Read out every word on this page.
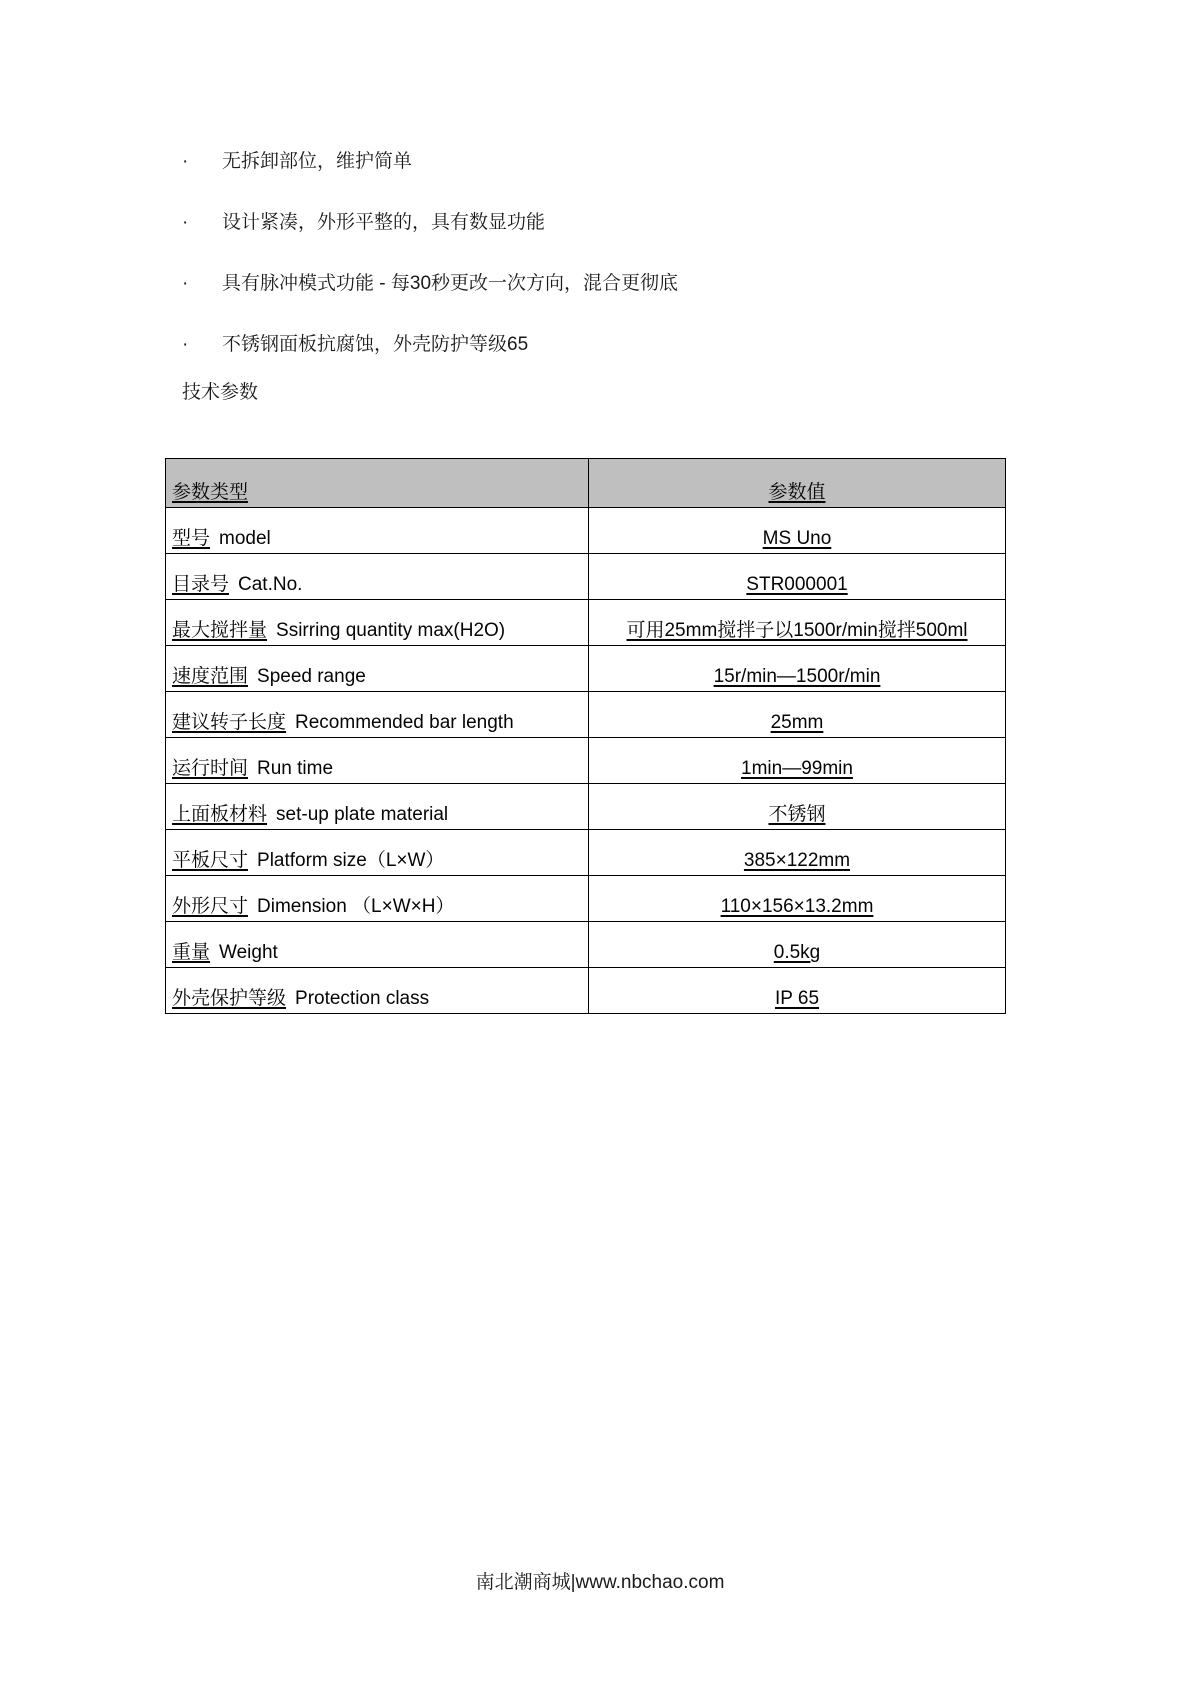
·	无拆卸部位，维护简单
·	设计紧凑，外形平整的，具有数显功能
·	具有脉冲模式功能 - 每30秒更改一次方向，混合更彻底
·	不锈钢面板抗腐蚀，外壳防护等级65
技术参数
参数类型	参数值
型号 model	MS Uno
目录号 Cat.No.	STR000001
最大搅拌量 Ssirring quantity max(H2O)	可用25mm搅拌子以1500r/min搅拌500ml
速度范围 Speed range	15r/min—1500r/min
建议转子长度 Recommended bar length	25mm
运行时间 Run time	1min—99min
上面板材料 set-up plate material	不锈钢
平板尺寸 Platform size（L×W）	385×122mm
外形尺寸 Dimension （L×W×H）	110×156×13.2mm
重量 Weight	0.5kg
外壳保护等级 Protection class	IP 65
南北潮商城|www.nbchao.com
